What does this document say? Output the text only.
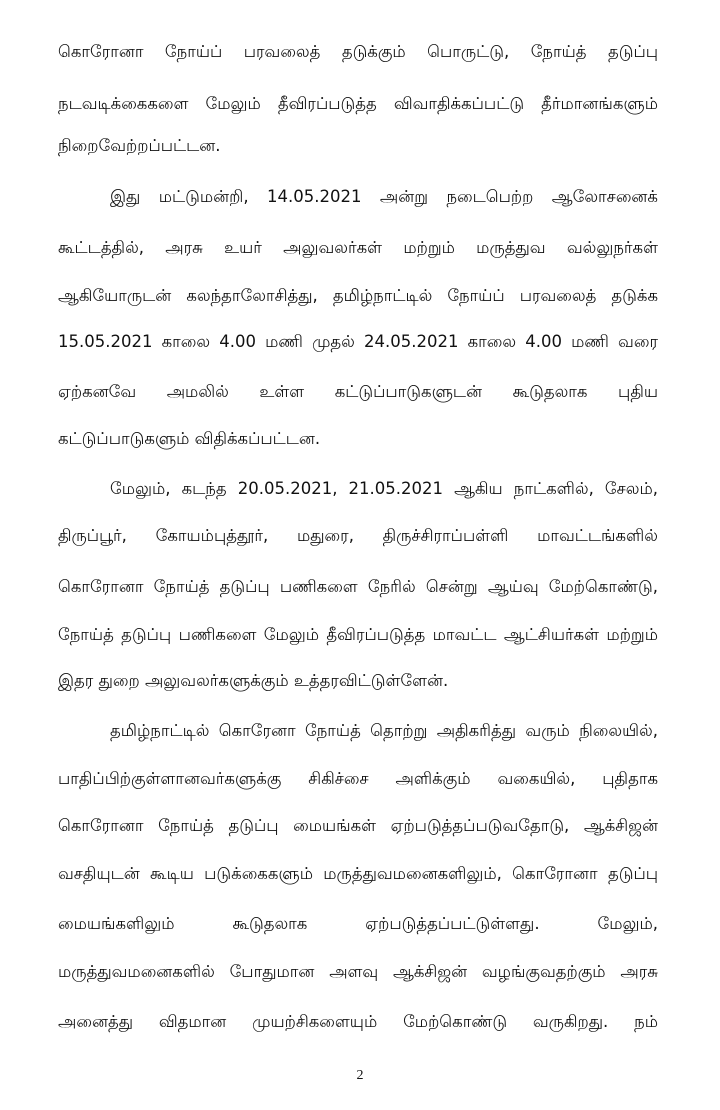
கொரோனா நோய்ப் பரவலைத் தடுக்கும் பொருட்டு, நோய்த் தடுப்பு
நடவடிக்கைகளை மேலும் தீவிரப்படுத்த விவாதிக்கப்பட்டு தீர்மானங்களும்
நிறைவேற்றப்பட்டன.
இது மட்டுமன்றி, 14.05.2021 அன்று நடைபெற்ற ஆலோசனைக்
கூட்டத்தில், அரசு உயர் அலுவலர்கள் மற்றும் மருத்துவ வல்லுநர்கள்
ஆகியோருடன் கலந்தாலோசித்து, தமிழ்நாட்டில் நோய்ப் பரவலைத் தடுக்க
15.05.2021 காலை 4.00 மணி முதல் 24.05.2021 காலை 4.00 மணி வரை
ஏற்கனவே அமலில் உள்ள கட்டுப்பாடுகளுடன் கூடுதலாக புதிய
கட்டுப்பாடுகளும் விதிக்கப்பட்டன.
மேலும், கடந்த 20.05.2021, 21.05.2021 ஆகிய நாட்களில், சேலம்,
திருப்பூர், கோயம்புத்தூர், மதுரை, திருச்சிராப்பள்ளி மாவட்டங்களில்
கொரோனா நோய்த் தடுப்பு பணிகளை நேரில் சென்று ஆய்வு மேற்கொண்டு,
நோய்த் தடுப்பு பணிகளை மேலும் தீவிரப்படுத்த மாவட்ட ஆட்சியர்கள் மற்றும்
இதர துறை அலுவலர்களுக்கும் உத்தரவிட்டுள்ளேன்.
தமிழ்நாட்டில் கொரேனா நோய்த் தொற்று அதிகரித்து வரும் நிலையில்,
பாதிப்பிற்குள்ளானவர்களுக்கு சிகிச்சை அளிக்கும் வகையில், புதிதாக
கொரோனா நோய்த் தடுப்பு மையங்கள் ஏற்படுத்தப்படுவதோடு, ஆக்சிஜன்
வசதியுடன் கூடிய படுக்கைகளும் மருத்துவமனைகளிலும், கொரோனா தடுப்பு
மையங்களிலும் கூடுதலாக ஏற்படுத்தப்பட்டுள்ளது. மேலும்,
மருத்துவமனைகளில் போதுமான அளவு ஆக்சிஜன் வழங்குவதற்கும் அரசு
அனைத்து விதமான முயற்சிகளையும் மேற்கொண்டு வருகிறது. நம்
2
